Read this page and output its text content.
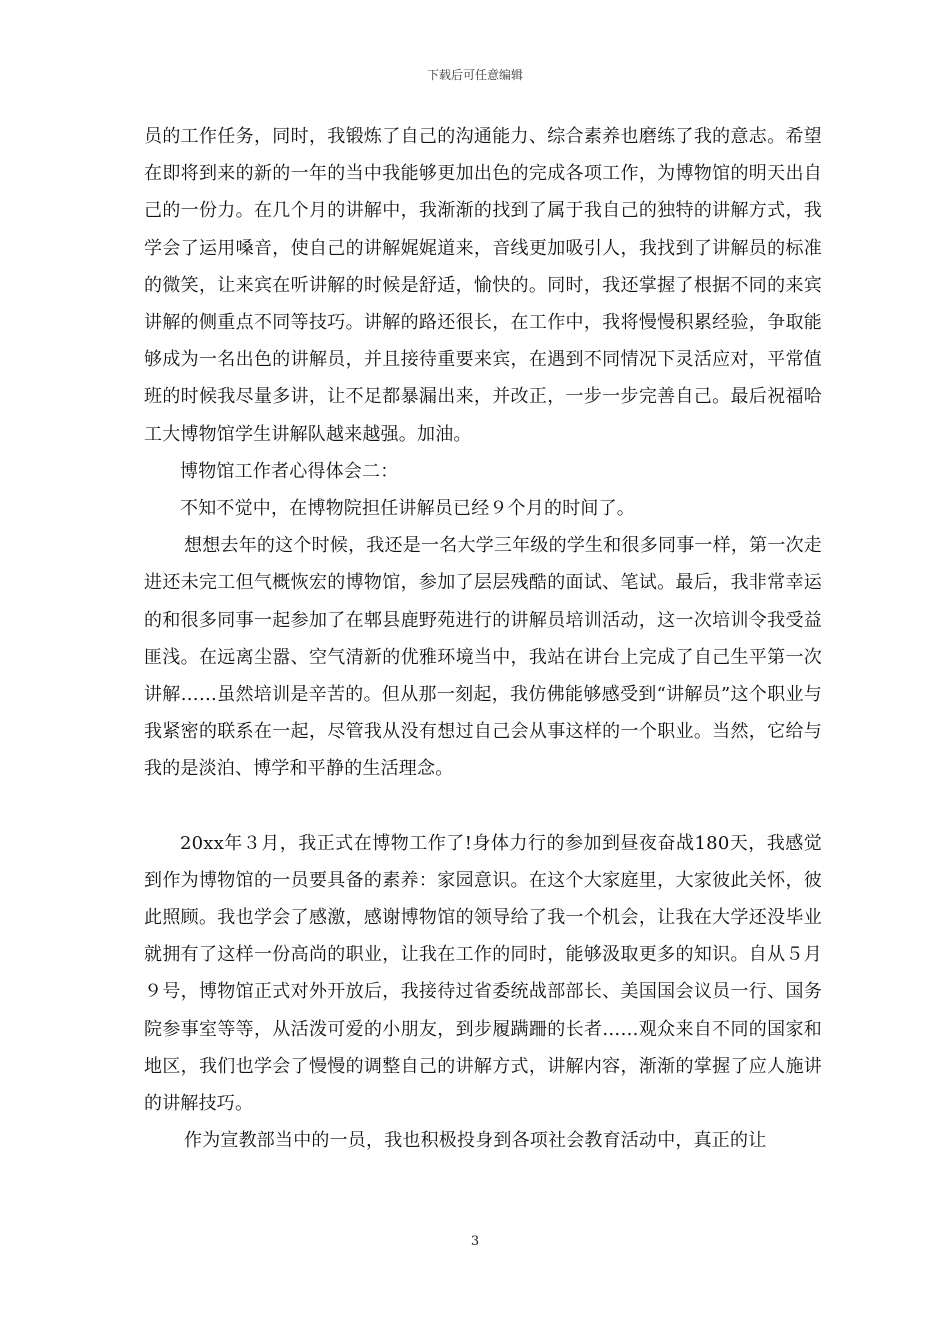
下载后可任意编辑

员的工作任务，同时，我锻炼了自己的沟通能力、综合素养也磨练了我的意志。希望在即将到来的新的一年的当中我能够更加出色的完成各项工作，为博物馆的明天出自己的一份力。在几个月的讲解中，我渐渐的找到了属于我自己的独特的讲解方式，我学会了运用嗓音，使自己的讲解娓娓道来，音线更加吸引人，我找到了讲解员的标准的微笑，让来宾在听讲解的时候是舒适，愉快的。同时，我还掌握了根据不同的来宾讲解的侧重点不同等技巧。讲解的路还很长，在工作中，我将慢慢积累经验，争取能够成为一名出色的讲解员，并且接待重要来宾，在遇到不同情况下灵活应对，平常值班的时候我尽量多讲，让不足都暴漏出来，并改正，一步一步完善自己。最后祝福哈工大博物馆学生讲解队越来越强。加油。

博物馆工作者心得体会二：

不知不觉中，在博物院担任讲解员已经９个月的时间了。

想想去年的这个时候，我还是一名大学三年级的学生和很多同事一样，第一次走进还未完工但气概恢宏的博物馆，参加了层层残酷的面试、笔试。最后，我非常幸运的和很多同事一起参加了在郫县鹿野苑进行的讲解员培训活动，这一次培训令我受益匪浅。在远离尘嚣、空气清新的优雅环境当中，我站在讲台上完成了自己生平第一次讲解……虽然培训是辛苦的。但从那一刻起，我仿佛能够感受到“讲解员”这个职业与我紧密的联系在一起，尽管我从没有想过自己会从事这样的一个职业。当然，它给与我的是淡泊、博学和平静的生活理念。

20xx年３月，我正式在博物工作了!身体力行的参加到昼夜奋战180天，我感觉到作为博物馆的一员要具备的素养：家园意识。在这个大家庭里，大家彼此关怀，彼此照顾。我也学会了感激，感谢博物馆的领导给了我一个机会，让我在大学还没毕业就拥有了这样一份高尚的职业，让我在工作的同时，能够汲取更多的知识。自从５月９号，博物馆正式对外开放后，我接待过省委统战部部长、美国国会议员一行、国务院参事室等等，从活泼可爱的小朋友，到步履蹒跚的长者……观众来自不同的国家和地区，我们也学会了慢慢的调整自己的讲解方式，讲解内容，渐渐的掌握了应人施讲的讲解技巧。

作为宣教部当中的一员，我也积极投身到各项社会教育活动中，真正的让

3
